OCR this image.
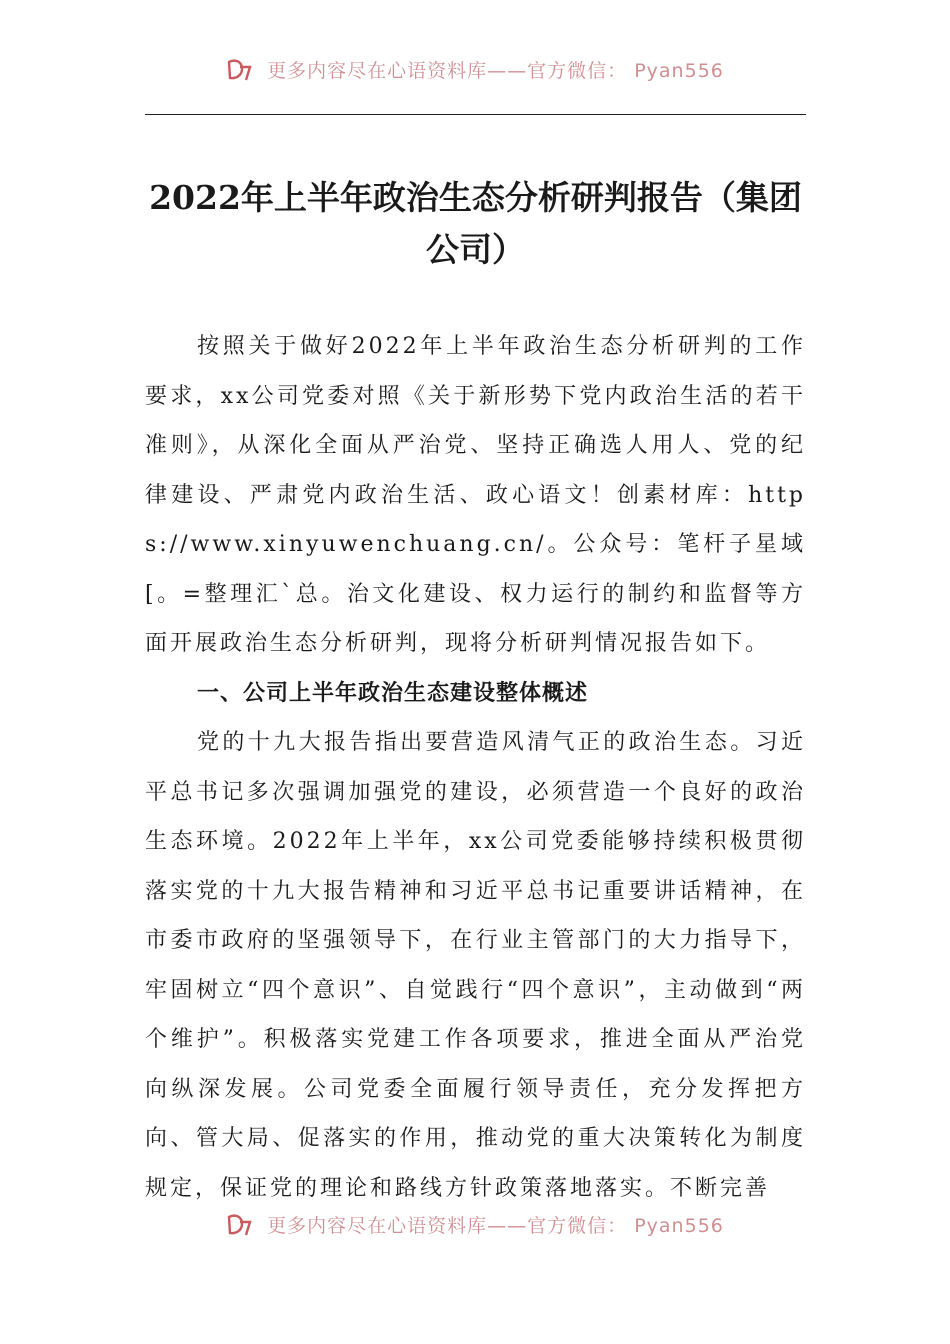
更多内容尽在心语资料库——官方微信： Pyan556
2022年上半年政治生态分析研判报告（集团公司）

按照关于做好2022年上半年政治生态分析研判的工作要求，xx公司党委对照《关于新形势下党内政治生活的若干准则》，从深化全面从严治党、坚持正确选人用人、党的纪律建设、严肃党内政治生活、政心语文！创素材库：https://www.xinyuwenchuang.cn/。公众号：笔杆子星域[。=整理汇`总。治文化建设、权力运行的制约和监督等方面开展政治生态分析研判，现将分析研判情况报告如下。

一、公司上半年政治生态建设整体概述

党的十九大报告指出要营造风清气正的政治生态。习近平总书记多次强调加强党的建设，必须营造一个良好的政治生态环境。2022年上半年，xx公司党委能够持续积极贯彻落实党的十九大报告精神和习近平总书记重要讲话精神，在市委市政府的坚强领导下，在行业主管部门的大力指导下，牢固树立“四个意识”、自觉践行“四个意识”，主动做到“两个维护”。积极落实党建工作各项要求，推进全面从严治党向纵深发展。公司党委全面履行领导责任，充分发挥把方向、管大局、促落实的作用，推动党的重大决策转化为制度规定，保证党的理论和路线方针政策落地落实。不断完善

更多内容尽在心语资料库——官方微信： Pyan556
